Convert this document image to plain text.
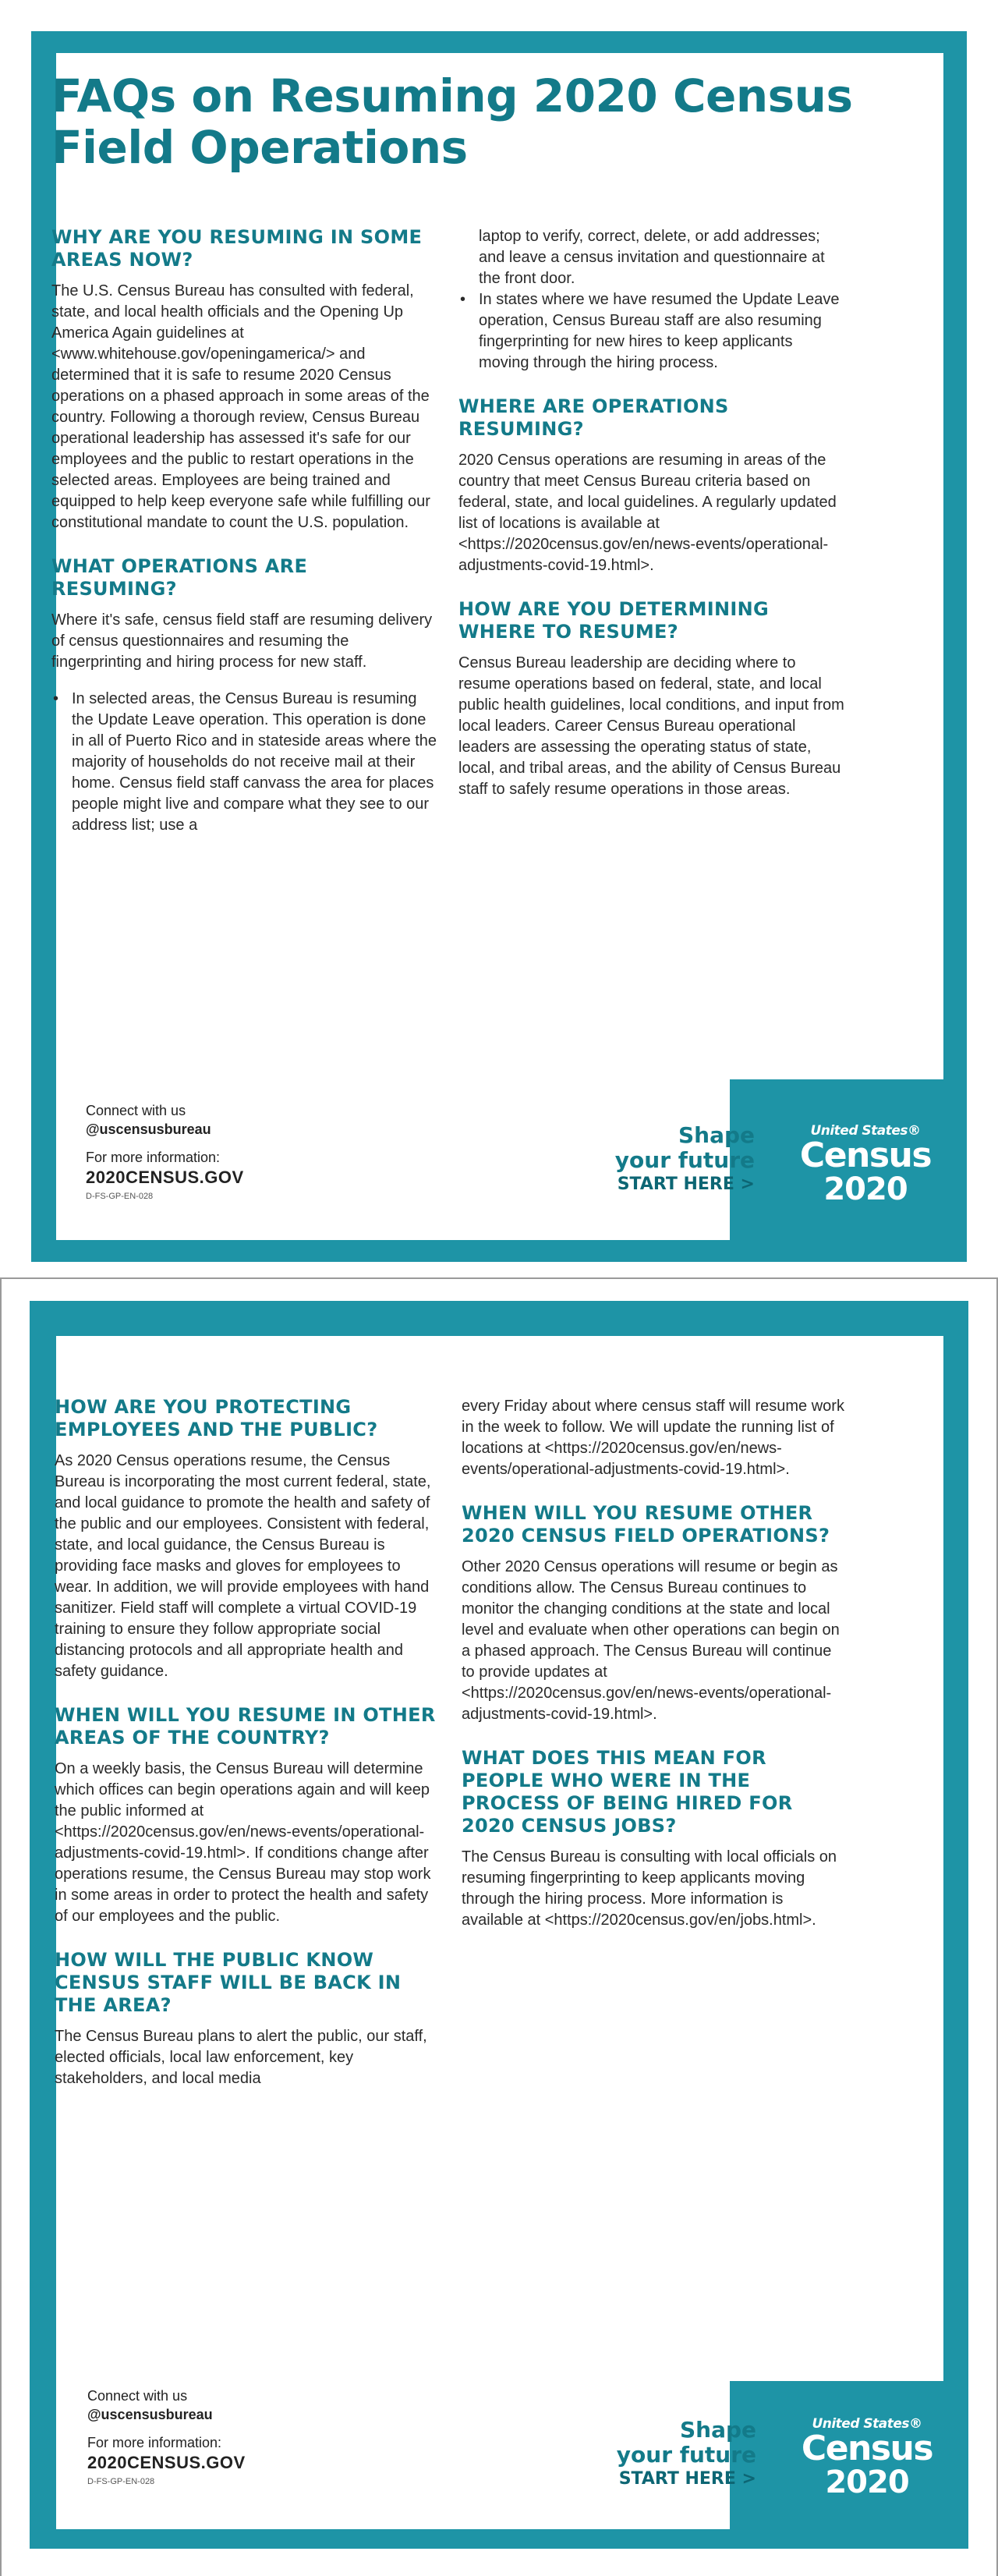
FAQs on Resuming 2020 Census Field Operations
WHY ARE YOU RESUMING IN SOME AREAS NOW?

The U.S. Census Bureau has consulted with federal, state, and local health officials and the Opening Up America Again guidelines at <www.whitehouse.gov/openingamerica/> and determined that it is safe to resume 2020 Census operations on a phased approach in some areas of the country. Following a thorough review, Census Bureau operational leadership has assessed it's safe for our employees and the public to restart operations in the selected areas. Employees are being trained and equipped to help keep everyone safe while fulfilling our constitutional mandate to count the U.S. population.

WHAT OPERATIONS ARE RESUMING?

Where it's safe, census field staff are resuming delivery of census questionnaires and resuming the fingerprinting and hiring process for new staff.

• In selected areas, the Census Bureau is resuming the Update Leave operation. This operation is done in all of Puerto Rico and in stateside areas where the majority of households do not receive mail at their home. Census field staff canvass the area for places people might live and compare what they see to our address list; use a
laptop to verify, correct, delete, or add addresses; and leave a census invitation and questionnaire at the front door.
• In states where we have resumed the Update Leave operation, Census Bureau staff are also resuming fingerprinting for new hires to keep applicants moving through the hiring process.
WHERE ARE OPERATIONS RESUMING?

2020 Census operations are resuming in areas of the country that meet Census Bureau criteria based on federal, state, and local guidelines. A regularly updated list of locations is available at <https://2020census.gov/en/news-events/operational-adjustments-covid-19.html>.

HOW ARE YOU DETERMINING WHERE TO RESUME?

Census Bureau leadership are deciding where to resume operations based on federal, state, and local public health guidelines, local conditions, and input from local leaders. Career Census Bureau operational leaders are assessing the operating status of state, local, and tribal areas, and the ability of Census Bureau staff to safely resume operations in those areas.

Connect with us
@uscensusbureau
For more information:
2020CENSUS.GOV
D-FS-GP-EN-028
Shape
your future
START HERE >
United States®
Census
2020
HOW ARE YOU PROTECTING EMPLOYEES AND THE PUBLIC?

As 2020 Census operations resume, the Census Bureau is incorporating the most current federal, state, and local guidance to promote the health and safety of the public and our employees. Consistent with federal, state, and local guidance, the Census Bureau is providing face masks and gloves for employees to wear. In addition, we will provide employees with hand sanitizer. Field staff will complete a virtual COVID-19 training to ensure they follow appropriate social distancing protocols and all appropriate health and safety guidance.

WHEN WILL YOU RESUME IN OTHER AREAS OF THE COUNTRY?

On a weekly basis, the Census Bureau will determine which offices can begin operations again and will keep the public informed at <https://2020census.gov/en/news-events/operational-adjustments-covid-19.html>. If conditions change after operations resume, the Census Bureau may stop work in some areas in order to protect the health and safety of our employees and the public.

HOW WILL THE PUBLIC KNOW CENSUS STAFF WILL BE BACK IN THE AREA?

The Census Bureau plans to alert the public, our staff, elected officials, local law enforcement, key stakeholders, and local media

every Friday about where census staff will resume work in the week to follow. We will update the running list of locations at <https://2020census.gov/en/news-events/operational-adjustments-covid-19.html>.

WHEN WILL YOU RESUME OTHER 2020 CENSUS FIELD OPERATIONS?

Other 2020 Census operations will resume or begin as conditions allow. The Census Bureau continues to monitor the changing conditions at the state and local level and evaluate when other operations can begin on a phased approach. The Census Bureau will continue to provide updates at <https://2020census.gov/en/news-events/operational-adjustments-covid-19.html>.

WHAT DOES THIS MEAN FOR PEOPLE WHO WERE IN THE PROCESS OF BEING HIRED FOR 2020 CENSUS JOBS?

The Census Bureau is consulting with local officials on resuming fingerprinting to keep applicants moving through the hiring process. More information is available at <https://2020census.gov/en/jobs.html>.

Connect with us
@uscensusbureau
For more information:
2020CENSUS.GOV
D-FS-GP-EN-028
Shape
your future
START HERE >
United States®
Census
2020
